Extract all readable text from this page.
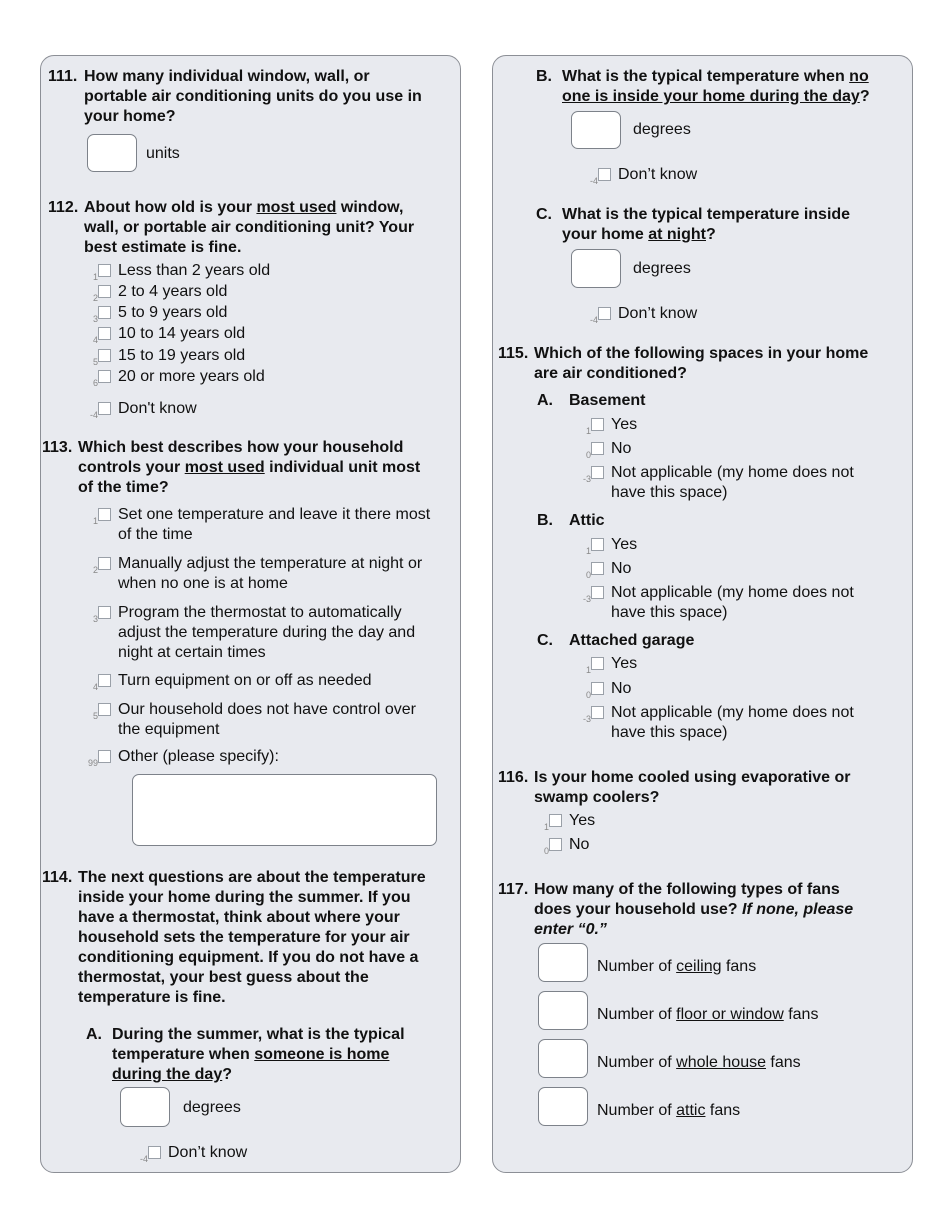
111. How many individual window, wall, or
portable air conditioning units do you use in
your home?
units
112. About how old is your most used window,
wall, or portable air conditioning unit? Your
best estimate is fine.
1 Less than 2 years old
2 2 to 4 years old
3 5 to 9 years old
4 10 to 14 years old
5 15 to 19 years old
6 20 or more years old
-4 Don't know
113. Which best describes how your household
controls your most used individual unit most
of the time?
1 Set one temperature and leave it there most
of the time
2 Manually adjust the temperature at night or
when no one is at home
3 Program the thermostat to automatically
adjust the temperature during the day and
night at certain times
4 Turn equipment on or off as needed
5 Our household does not have control over
the equipment
99 Other (please specify):
114. The next questions are about the temperature
inside your home during the summer. If you
have a thermostat, think about where your
household sets the temperature for your air
conditioning equipment. If you do not have a
thermostat, your best guess about the
temperature is fine.
A. During the summer, what is the typical
temperature when someone is home
during the day?
degrees
-4 Don’t know
B. What is the typical temperature when no
one is inside your home during the day?
degrees
-4 Don’t know
C. What is the typical temperature inside
your home at night?
degrees
-4 Don’t know
115. Which of the following spaces in your home
are air conditioned?
A. Basement
1 Yes
0 No
-3 Not applicable (my home does not
have this space)
B. Attic
1 Yes
0 No
-3 Not applicable (my home does not
have this space)
C. Attached garage
1 Yes
0 No
-3 Not applicable (my home does not
have this space)
116. Is your home cooled using evaporative or
swamp coolers?
1 Yes
0 No
117. How many of the following types of fans
does your household use? If none, please
enter “0.”
Number of ceiling fans
Number of floor or window fans
Number of whole house fans
Number of attic fans
